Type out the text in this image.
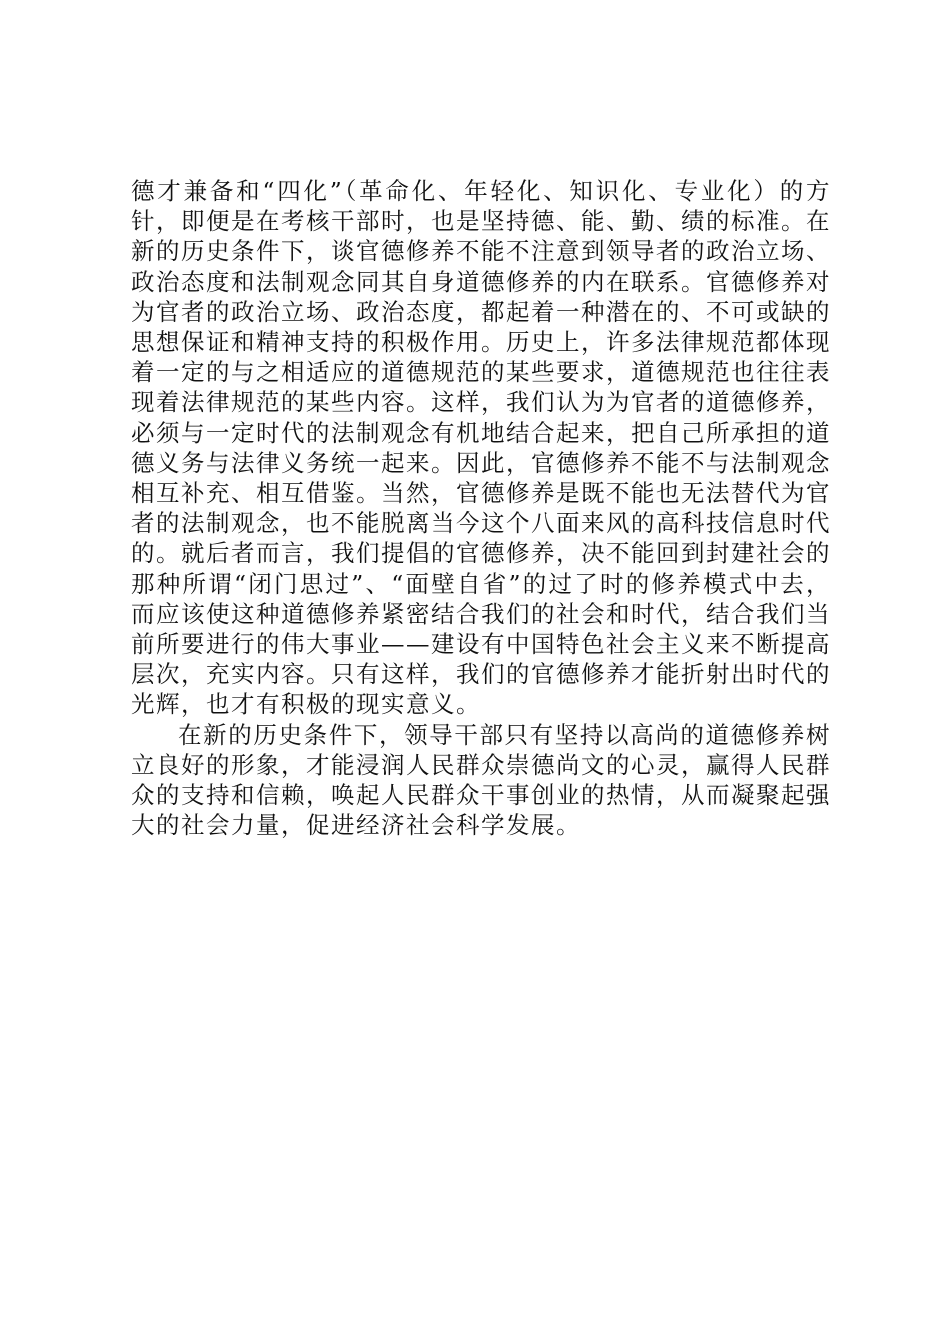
德才兼备和“四化”（革命化、年轻化、知识化、专业化）的方针，即便是在考核干部时，也是坚持德、能、勤、绩的标准。在新的历史条件下，谈官德修养不能不注意到领导者的政治立场、政治态度和法制观念同其自身道德修养的内在联系。官德修养对为官者的政治立场、政治态度，都起着一种潜在的、不可或缺的思想保证和精神支持的积极作用。历史上，许多法律规范都体现着一定的与之相适应的道德规范的某些要求，道德规范也往往表现着法律规范的某些内容。这样，我们认为为官者的道德修养，必须与一定时代的法制观念有机地结合起来，把自己所承担的道德义务与法律义务统一起来。因此，官德修养不能不与法制观念相互补充、相互借鉴。当然，官德修养是既不能也无法替代为官者的法制观念，也不能脱离当今这个八面来风的高科技信息时代的。就后者而言，我们提倡的官德修养，决不能回到封建社会的那种所谓“闭门思过”、“面壁自省”的过了时的修养模式中去，而应该使这种道德修养紧密结合我们的社会和时代，结合我们当前所要进行的伟大事业——建设有中国特色社会主义来不断提高层次，充实内容。只有这样，我们的官德修养才能折射出时代的光辉，也才有积极的现实意义。

在新的历史条件下，领导干部只有坚持以高尚的道德修养树立良好的形象，才能浸润人民群众崇德尚文的心灵，赢得人民群众的支持和信赖，唤起人民群众干事创业的热情，从而凝聚起强大的社会力量，促进经济社会科学发展。
